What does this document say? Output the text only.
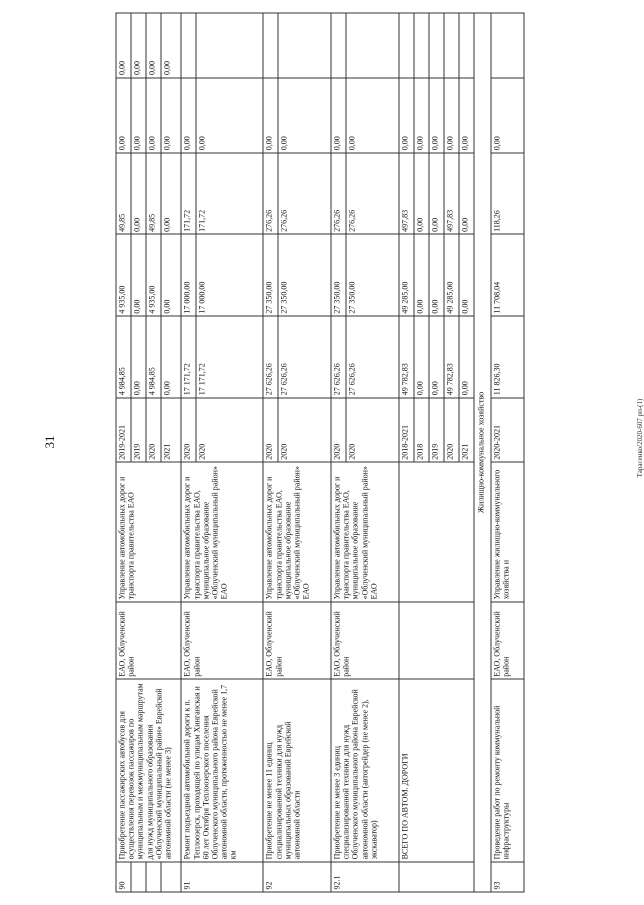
31	Тарасенко/2020-607 рп-(1)
90	Приобретение пассажирских автобусов для осуществления перевозок пассажиров по муниципальным и межмуниципальным маршрутам для нужд муниципального образования «Облученский муниципальный район» Еврейской автономной области (не менее 3)	ЕАО, Облученский район	Управление автомобильных дорог и транспорта правительства ЕАО	2019-2021	4 984,85	4 935,00	49,85	0,00	0,00
				2019	0,00	0,00	0,00	0,00	0,00
				2020	4 984,85	4 935,00	49,85	0,00	0,00
				2021	0,00	0,00	0,00	0,00	0,00
91	Ремонт подъездной автомобильной дороги к п. Теплоозерск, проходящей по улицам Хинганская и 60 лет Октября Теплоозерского поселения Облученского муниципального района Еврейской автономной области, протяженностью не менее 1,7 км	ЕАО, Облученский район	Управление автомобильных дорог и транспорта правительства ЕАО, муниципальное образование «Облученский муниципальный район» ЕАО	2020	17 171,72	17 000,00	171,72	0,00	
				2020	17 171,72	17 000,00	171,72	0,00	
92	Приобретение не менее 11 единиц специализированной техники для нужд муниципальных образований Еврейской автономной области	ЕАО, Облученский район	Управление автомобильных дорог и транспорта правительства ЕАО, муниципальное образование «Облученский муниципальный район» ЕАО	2020	27 626,26	27 350,00	276,26	0,00	
				2020	27 626,26	27 350,00	276,26	0,00	
92.1	Приобретение не менее 3 единиц специализированной техники для нужд Облученского муниципального района Еврейской автономной области (автогрейдер (не менее 2), экскаватор)	ЕАО, Облученский район	Управление автомобильных дорог и транспорта правительства ЕАО, муниципальное образование «Облученский муниципальный район» ЕАО	2020	27 626,26	27 350,00	276,26	0,00	
				2020	27 626,26	27 350,00	276,26	0,00	
	ВСЕГО ПО АВТОМ. ДОРОГИ			2018-2021	49 782,83	49 285,00	497,83	0,00	
				2018	0,00	0,00	0,00	0,00	
				2019	0,00	0,00	0,00	0,00	
				2020	49 782,83	49 285,00	497,83	0,00	
				2021	0,00	0,00	0,00	0,00	
Жилищно-коммунальное хозяйство									
93	Проведение работ по ремонту коммунальной инфраструктуры	ЕАО, Облученский район	Управление жилищно-коммунального хозяйства и	2020-2021	11 826,30	11 708,04	118,26	0,00	
